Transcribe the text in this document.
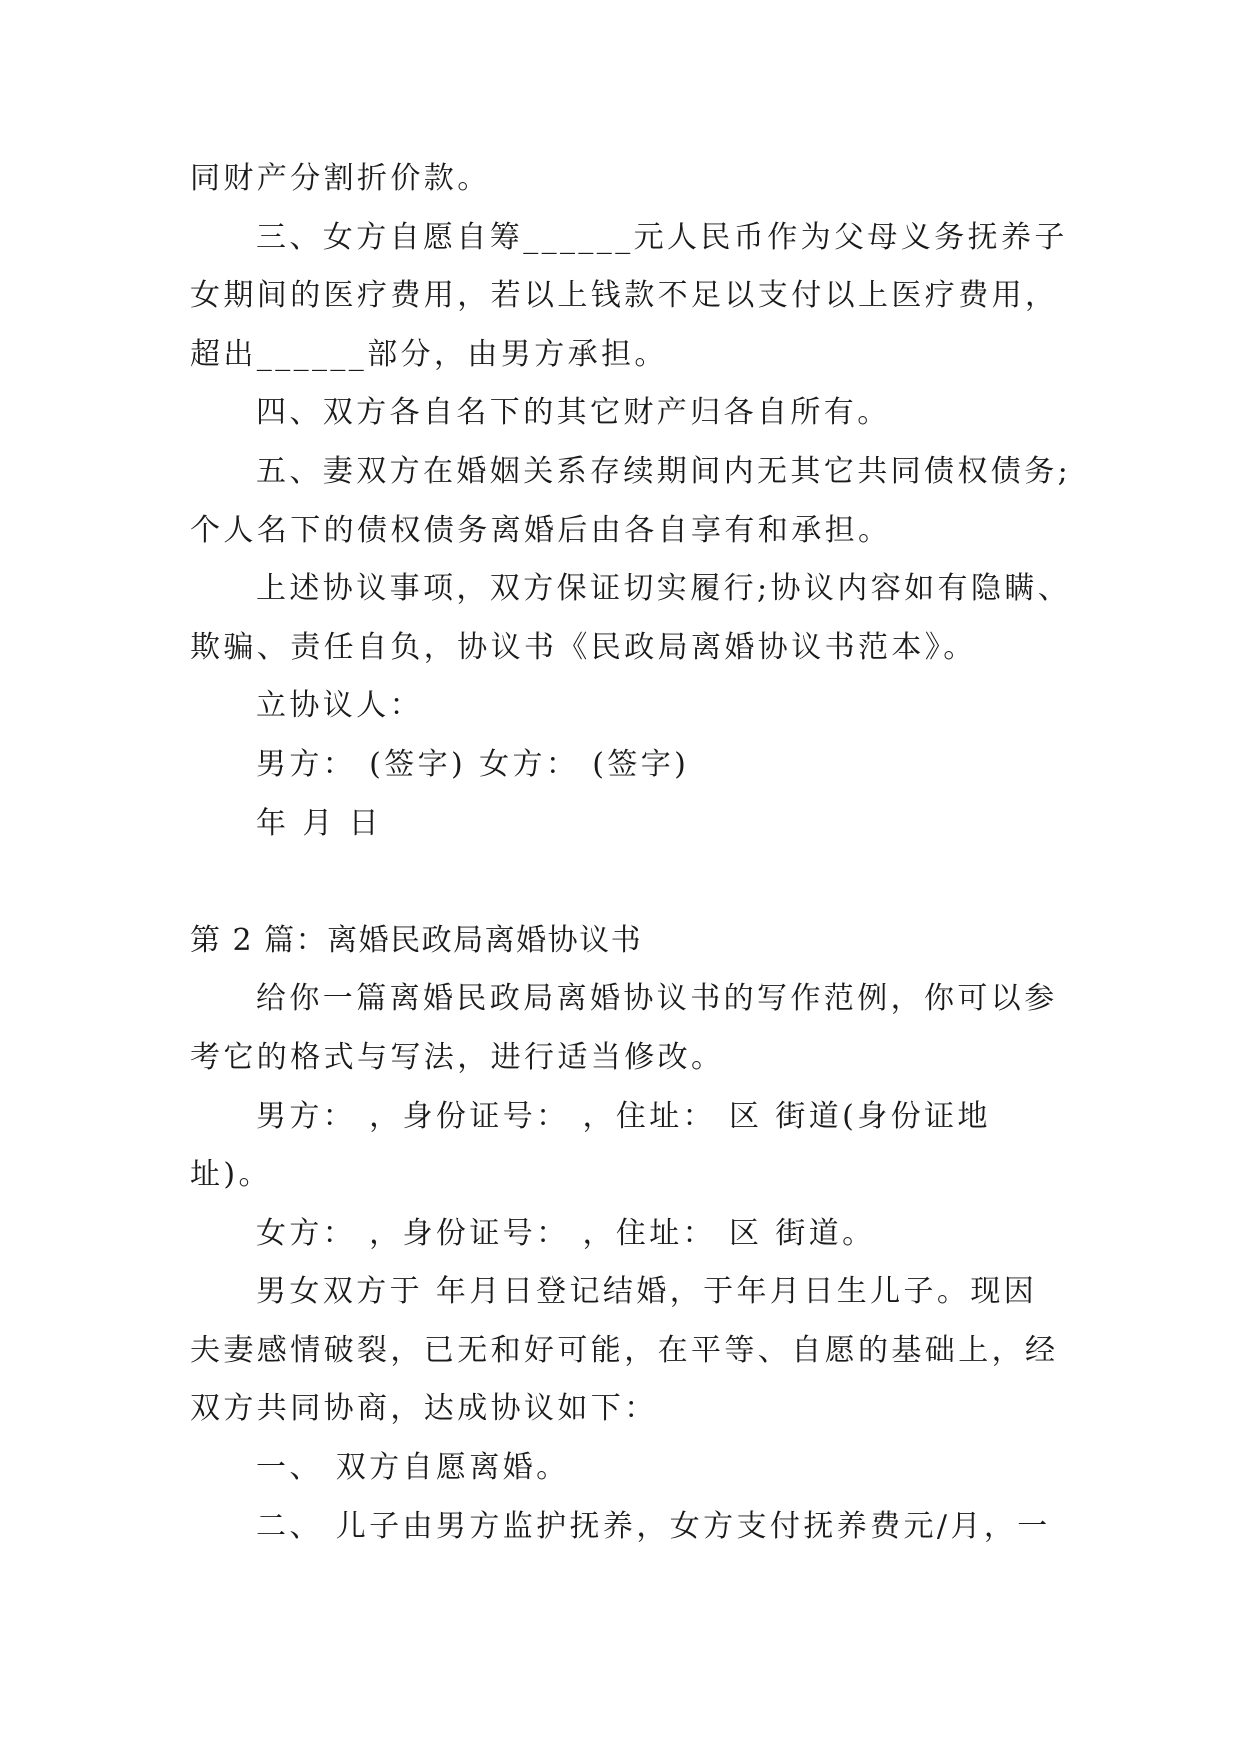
同财产分割折价款。
三、女方自愿自筹______元人民币作为父母义务抚养子
女期间的医疗费用，若以上钱款不足以支付以上医疗费用，
超出______部分，由男方承担。
四、双方各自名下的其它财产归各自所有。
五、妻双方在婚姻关系存续期间内无其它共同债权债务;
个人名下的债权债务离婚后由各自享有和承担。
上述协议事项，双方保证切实履行;协议内容如有隐瞒、
欺骗、责任自负，协议书《民政局离婚协议书范本》。
立协议人：
男方： (签字) 女方： (签字)
年 月 日
第 2 篇：离婚民政局离婚协议书
给你一篇离婚民政局离婚协议书的写作范例，你可以参
考它的格式与写法，进行适当修改。
男方： ，身份证号： ，住址： 区 街道(身份证地
址)。
女方： ，身份证号： ，住址： 区 街道。
男女双方于 年月日登记结婚，于年月日生儿子。现因
夫妻感情破裂，已无和好可能，在平等、自愿的基础上，经
双方共同协商，达成协议如下：
一、 双方自愿离婚。
二、 儿子由男方监护抚养，女方支付抚养费元/月，一
